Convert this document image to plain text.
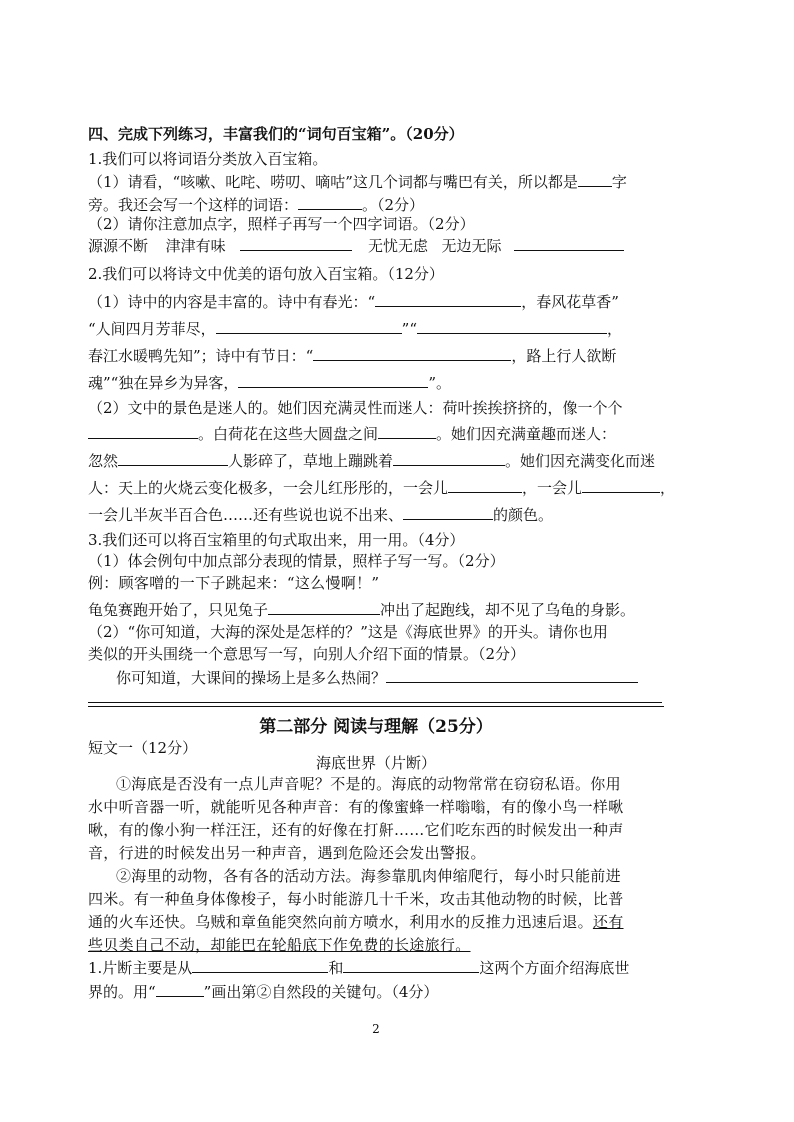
四、完成下列练习，丰富我们的“词句百宝箱”。（20分）
1.我们可以将词语分类放入百宝箱。
（1）请看，“咳嗽、叱咤、唠叨、嘀咕”这几个词都与嘴巴有关，所以都是 字
旁。我还会写一个这样的词语：	。（2分）
（2）请你注意加点字，照样子再写一个四字词语。（2分）
源源不断 津津有味	无忧无虑 无边无际
2.我们可以将诗文中优美的语句放入百宝箱。（12分）
（1）诗中的内容是丰富的。诗中有春光：“	，春风花草香”
“人间四月芳菲尽，	”“	，
春江水暖鸭先知”；诗中有节日：“	，路上行人欲断
魂”“独在异乡为异客，	”。
（2）文中的景色是迷人的。她们因充满灵性而迷人：荷叶挨挨挤挤的，像一个个
。白荷花在这些大圆盘之间	。她们因充满童趣而迷人：
忽然	人影碎了，草地上蹦跳着	。她们因充满变化而迷
人：天上的火烧云变化极多，一会儿红彤彤的，一会儿	，一会儿	，
一会儿半灰半百合色……还有些说也说不出来、	的颜色。
3.我们还可以将百宝箱里的句式取出来，用一用。（4分）
（1）体会例句中加点部分表现的情景，照样子写一写。（2分）
例：顾客噌的一下子跳起来：“这么慢啊！”
龟兔赛跑开始了，只见兔子	冲出了起跑线，却不见了乌龟的身影。
（2）“你可知道，大海的深处是怎样的？”这是《海底世界》的开头。请你也用
类似的开头围绕一个意思写一写，向别人介绍下面的情景。（2分）
你可知道，大课间的操场上是多么热闹？
第二部分 阅读与理解（25分）
短文一（12分）
海底世界（片断）
①海底是否没有一点儿声音呢？不是的。海底的动物常常在窃窃私语。你用
水中听音器一听，就能听见各种声音：有的像蜜蜂一样嗡嗡，有的像小鸟一样啾
啾，有的像小狗一样汪汪，还有的好像在打鼾……它们吃东西的时候发出一种声
音，行进的时候发出另一种声音，遇到危险还会发出警报。
②海里的动物，各有各的活动方法。海参靠肌肉伸缩爬行，每小时只能前进
四米。有一种鱼身体像梭子，每小时能游几十千米，攻击其他动物的时候，比普
通的火车还快。乌贼和章鱼能突然向前方喷水，利用水的反推力迅速后退。还有
些贝类自己不动，却能巴在轮船底下作免费的长途旅行。
1.片断主要是从	和	这两个方面介绍海底世
界的。用“	”画出第②自然段的关键句。（4分）
2
